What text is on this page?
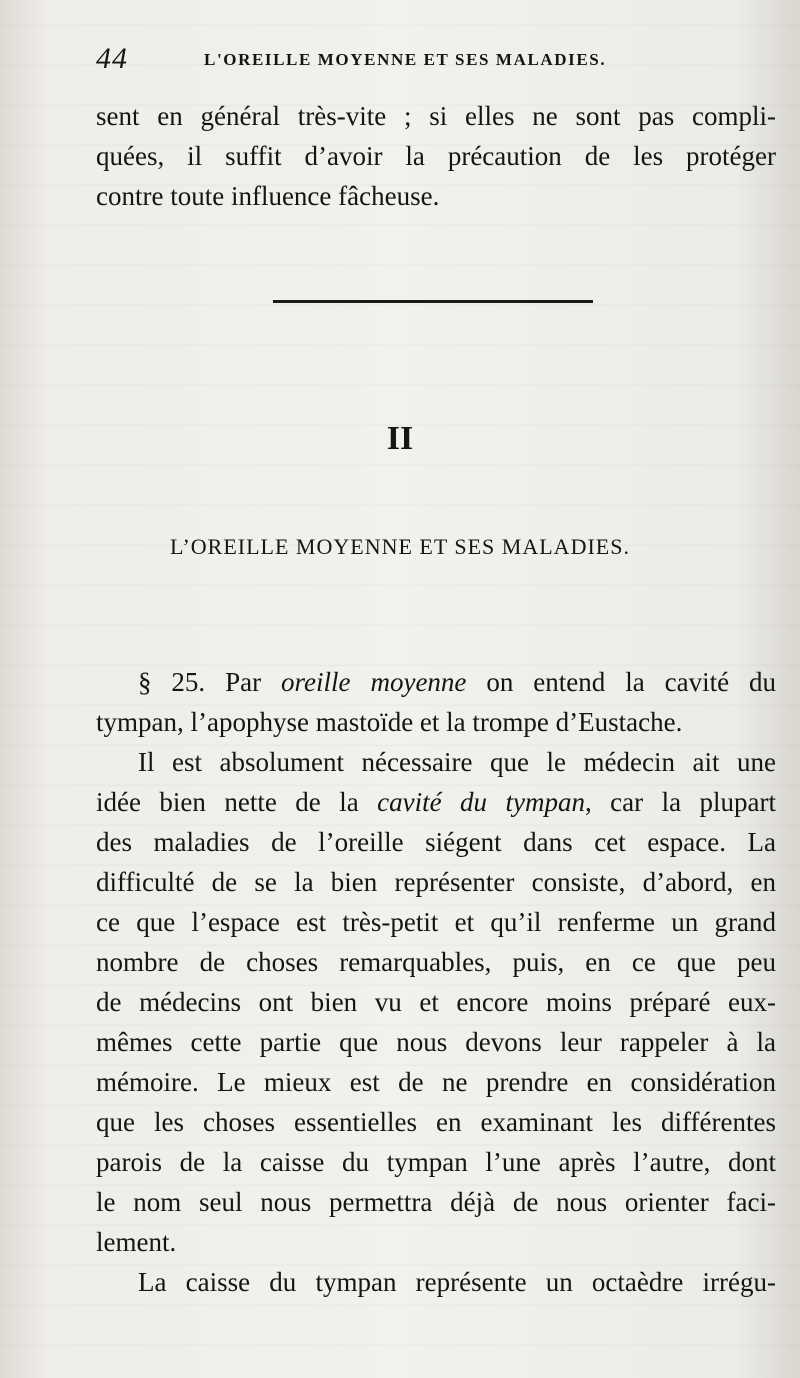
44	L'OREILLE MOYENNE ET SES MALADIES.
sent en général très-vite ; si elles ne sont pas compli-
quées, il suffit d’avoir la précaution de les protéger
contre toute influence fâcheuse.
II
L’OREILLE MOYENNE ET SES MALADIES.
§ 25. Par oreille moyenne on entend la cavité du
tympan, l’apophyse mastoïde et la trompe d’Eustache.
Il est absolument nécessaire que le médecin ait une
idée bien nette de la cavité du tympan, car la plupart
des maladies de l’oreille siégent dans cet espace. La
difficulté de se la bien représenter consiste, d’abord, en
ce que l’espace est très-petit et qu’il renferme un grand
nombre de choses remarquables, puis, en ce que peu
de médecins ont bien vu et encore moins préparé eux-
mêmes cette partie que nous devons leur rappeler à la
mémoire. Le mieux est de ne prendre en considération
que les choses essentielles en examinant les différentes
parois de la caisse du tympan l’une après l’autre, dont
le nom seul nous permettra déjà de nous orienter faci-
lement.
La caisse du tympan représente un octaèdre irrégu-
